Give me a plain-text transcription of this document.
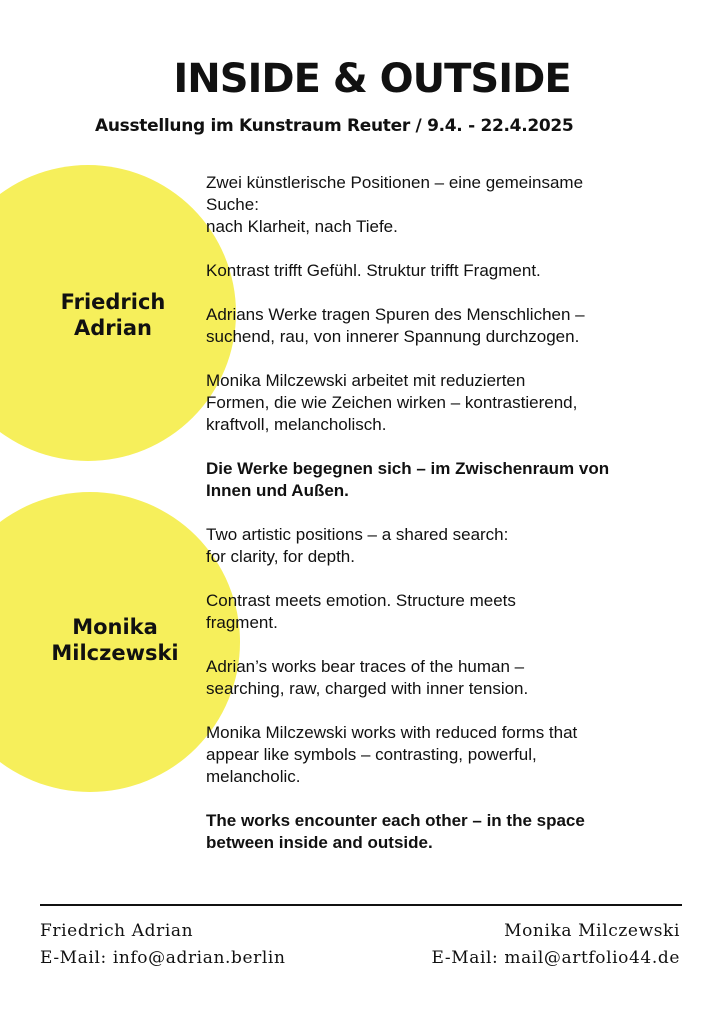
INSIDE & OUTSIDE
Ausstellung im Kunstraum Reuter / 9.4. - 22.4.2025
Friedrich
Adrian
Monika
Milczewski

Zwei künstlerische Positionen – eine gemeinsame
Suche:
nach Klarheit, nach Tiefe.

Kontrast trifft Gefühl. Struktur trifft Fragment.

Adrians Werke tragen Spuren des Menschlichen –
suchend, rau, von innerer Spannung durchzogen.

Monika Milczewski arbeitet mit reduzierten
Formen, die wie Zeichen wirken – kontrastierend,
kraftvoll, melancholisch.

Die Werke begegnen sich – im Zwischenraum von
Innen und Außen.

Two artistic positions – a shared search:
for clarity, for depth.

Contrast meets emotion. Structure meets
fragment.

Adrian’s works bear traces of the human –
searching, raw, charged with inner tension.

Monika Milczewski works with reduced forms that
appear like symbols – contrasting, powerful,
melancholic.

The works encounter each other – in the space
between inside and outside.

Friedrich Adrian
E-Mail: info@adrian.berlin
Monika Milczewski
E-Mail: mail@artfolio44.de
